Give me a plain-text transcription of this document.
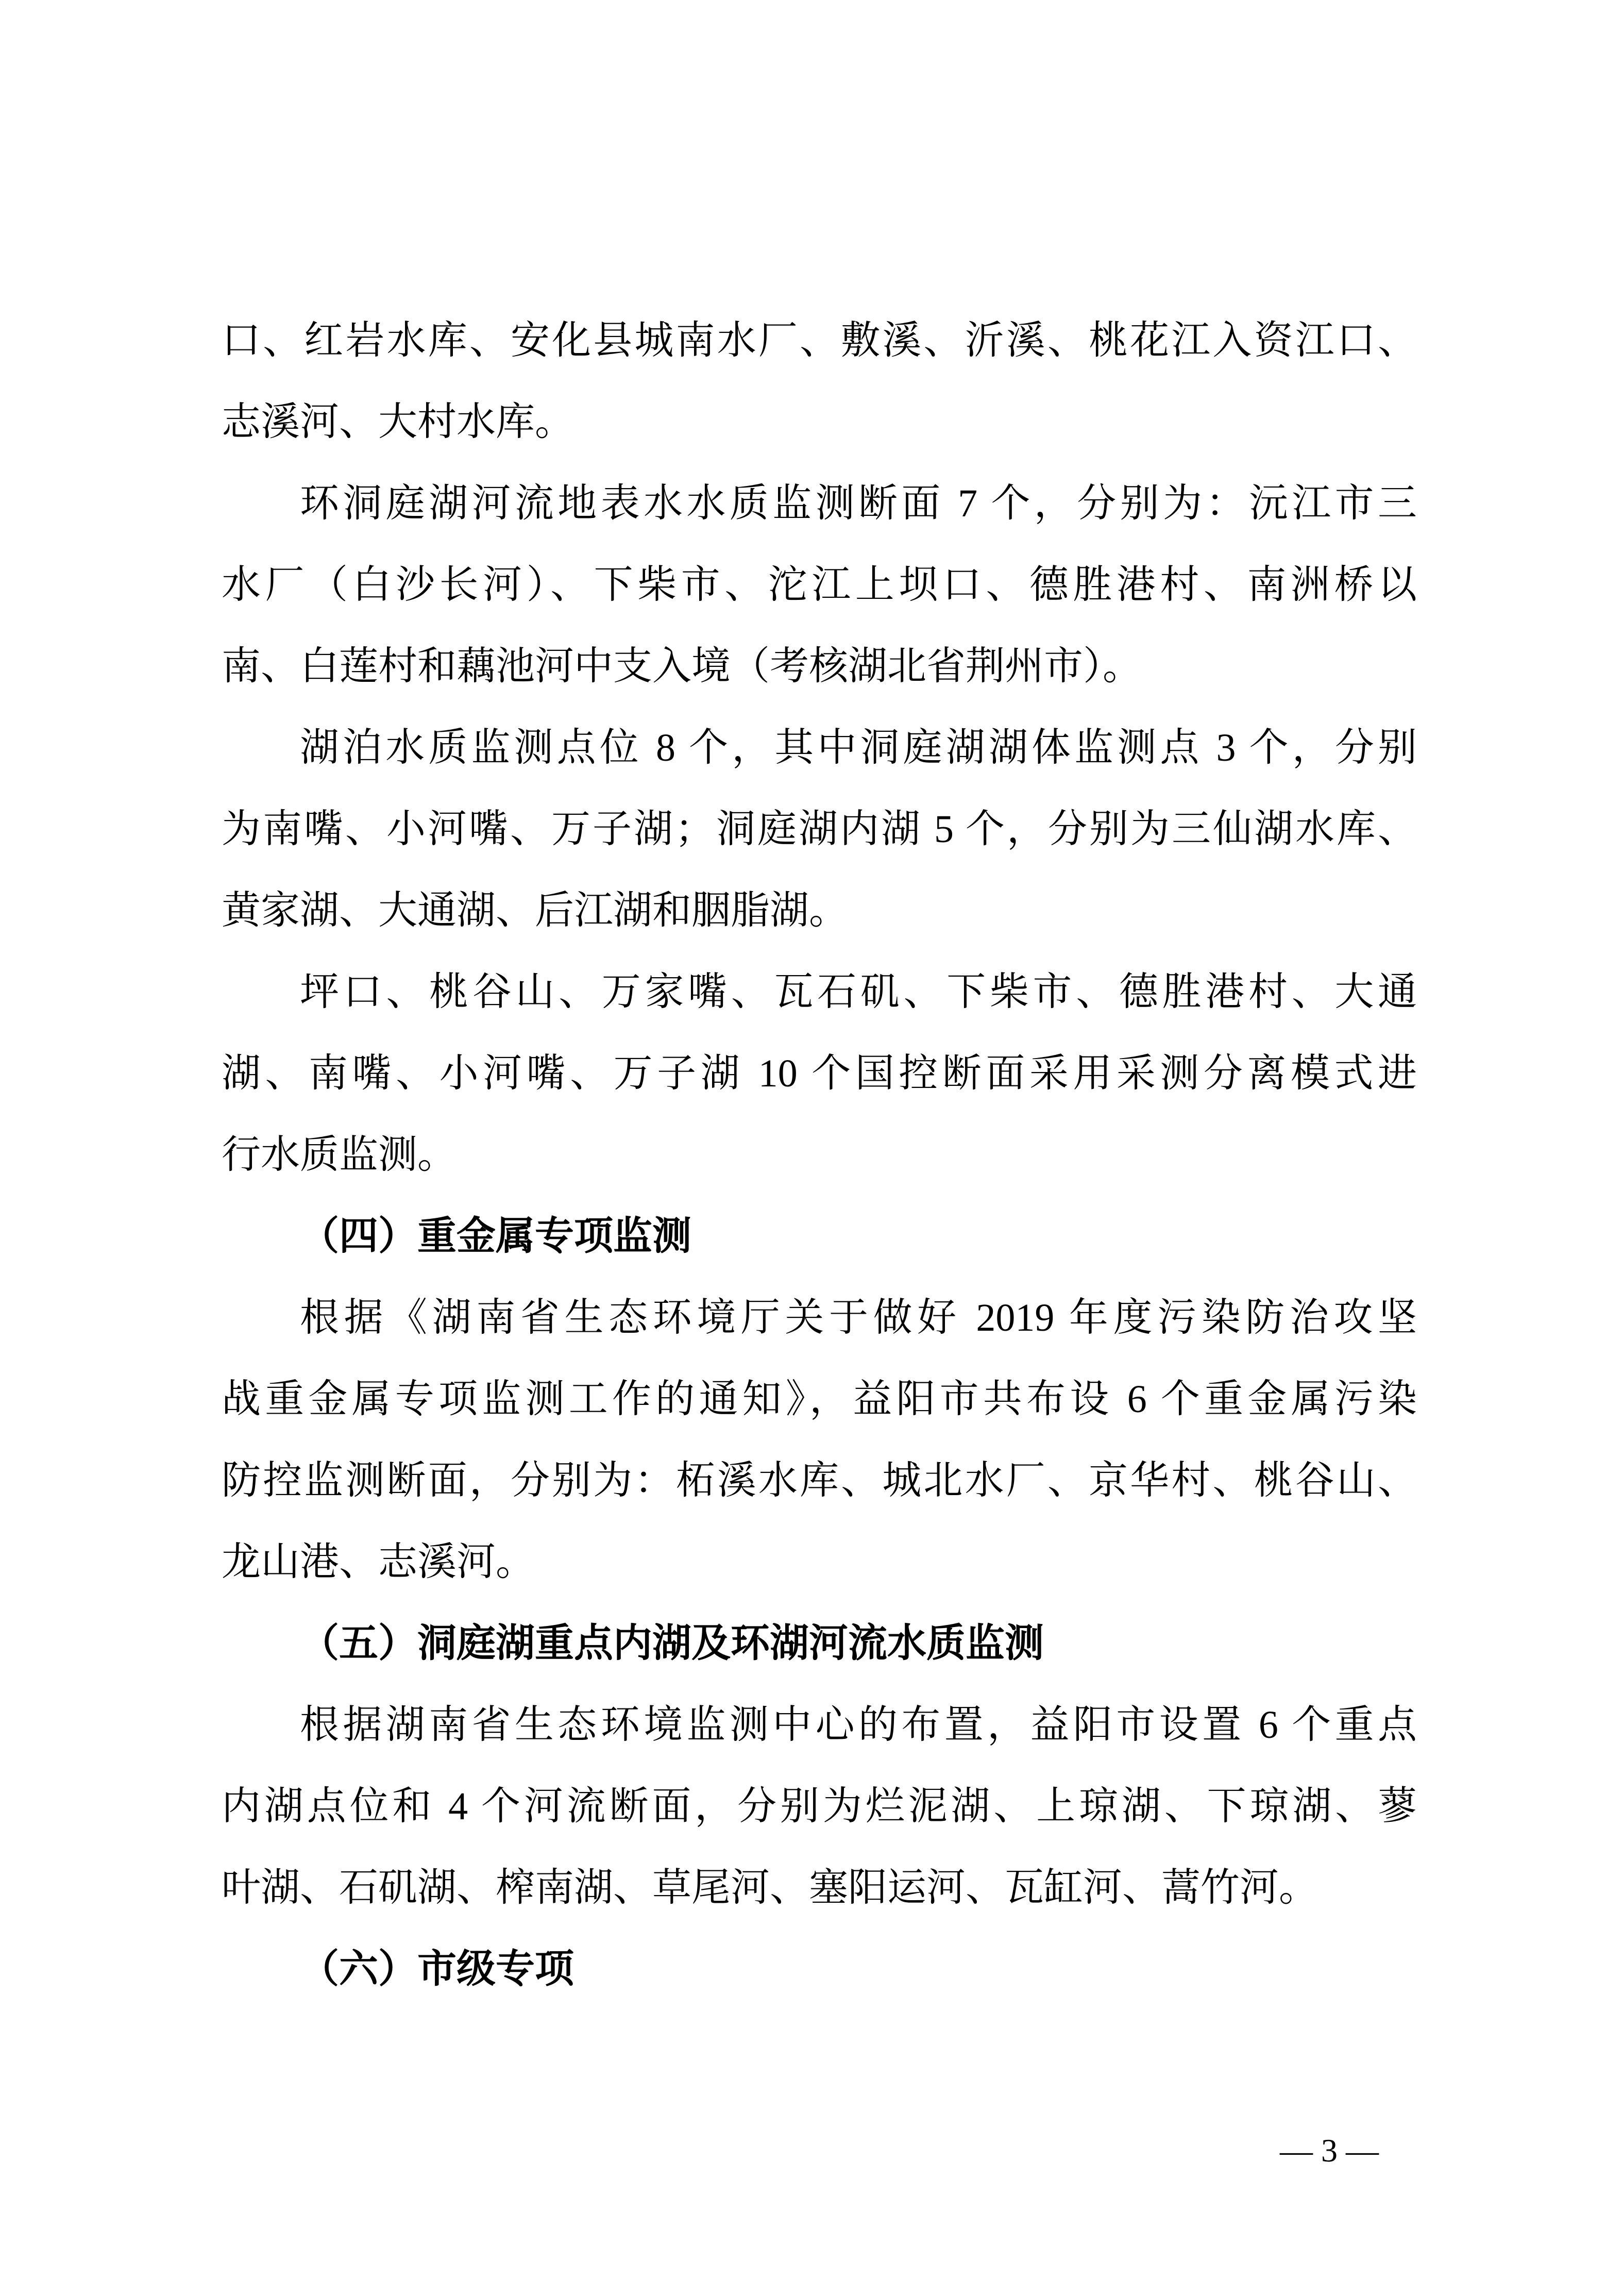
口、红岩水库、安化县城南水厂、敷溪、沂溪、桃花江入资江口、
志溪河、大村水库。
环洞庭湖河流地表水水质监测断面 7 个，分别为：沅江市三
水厂（白沙长河）、下柴市、沱江上坝口、德胜港村、南洲桥以
南、白莲村和藕池河中支入境（考核湖北省荆州市）。
湖泊水质监测点位 8 个，其中洞庭湖湖体监测点 3 个，分别
为南嘴、小河嘴、万子湖；洞庭湖内湖 5 个，分别为三仙湖水库、
黄家湖、大通湖、后江湖和胭脂湖。
坪口、桃谷山、万家嘴、瓦石矶、下柴市、德胜港村、大通
湖、南嘴、小河嘴、万子湖 10 个国控断面采用采测分离模式进
行水质监测。
（四）重金属专项监测
根据《湖南省生态环境厅关于做好 2019 年度污染防治攻坚
战重金属专项监测工作的通知》，益阳市共布设 6 个重金属污染
防控监测断面，分别为：柘溪水库、城北水厂、京华村、桃谷山、
龙山港、志溪河。
（五）洞庭湖重点内湖及环湖河流水质监测
根据湖南省生态环境监测中心的布置，益阳市设置 6 个重点
内湖点位和 4 个河流断面，分别为烂泥湖、上琼湖、下琼湖、蓼
叶湖、石矶湖、榨南湖、草尾河、塞阳运河、瓦缸河、蒿竹河。
（六）市级专项
— 3 —
